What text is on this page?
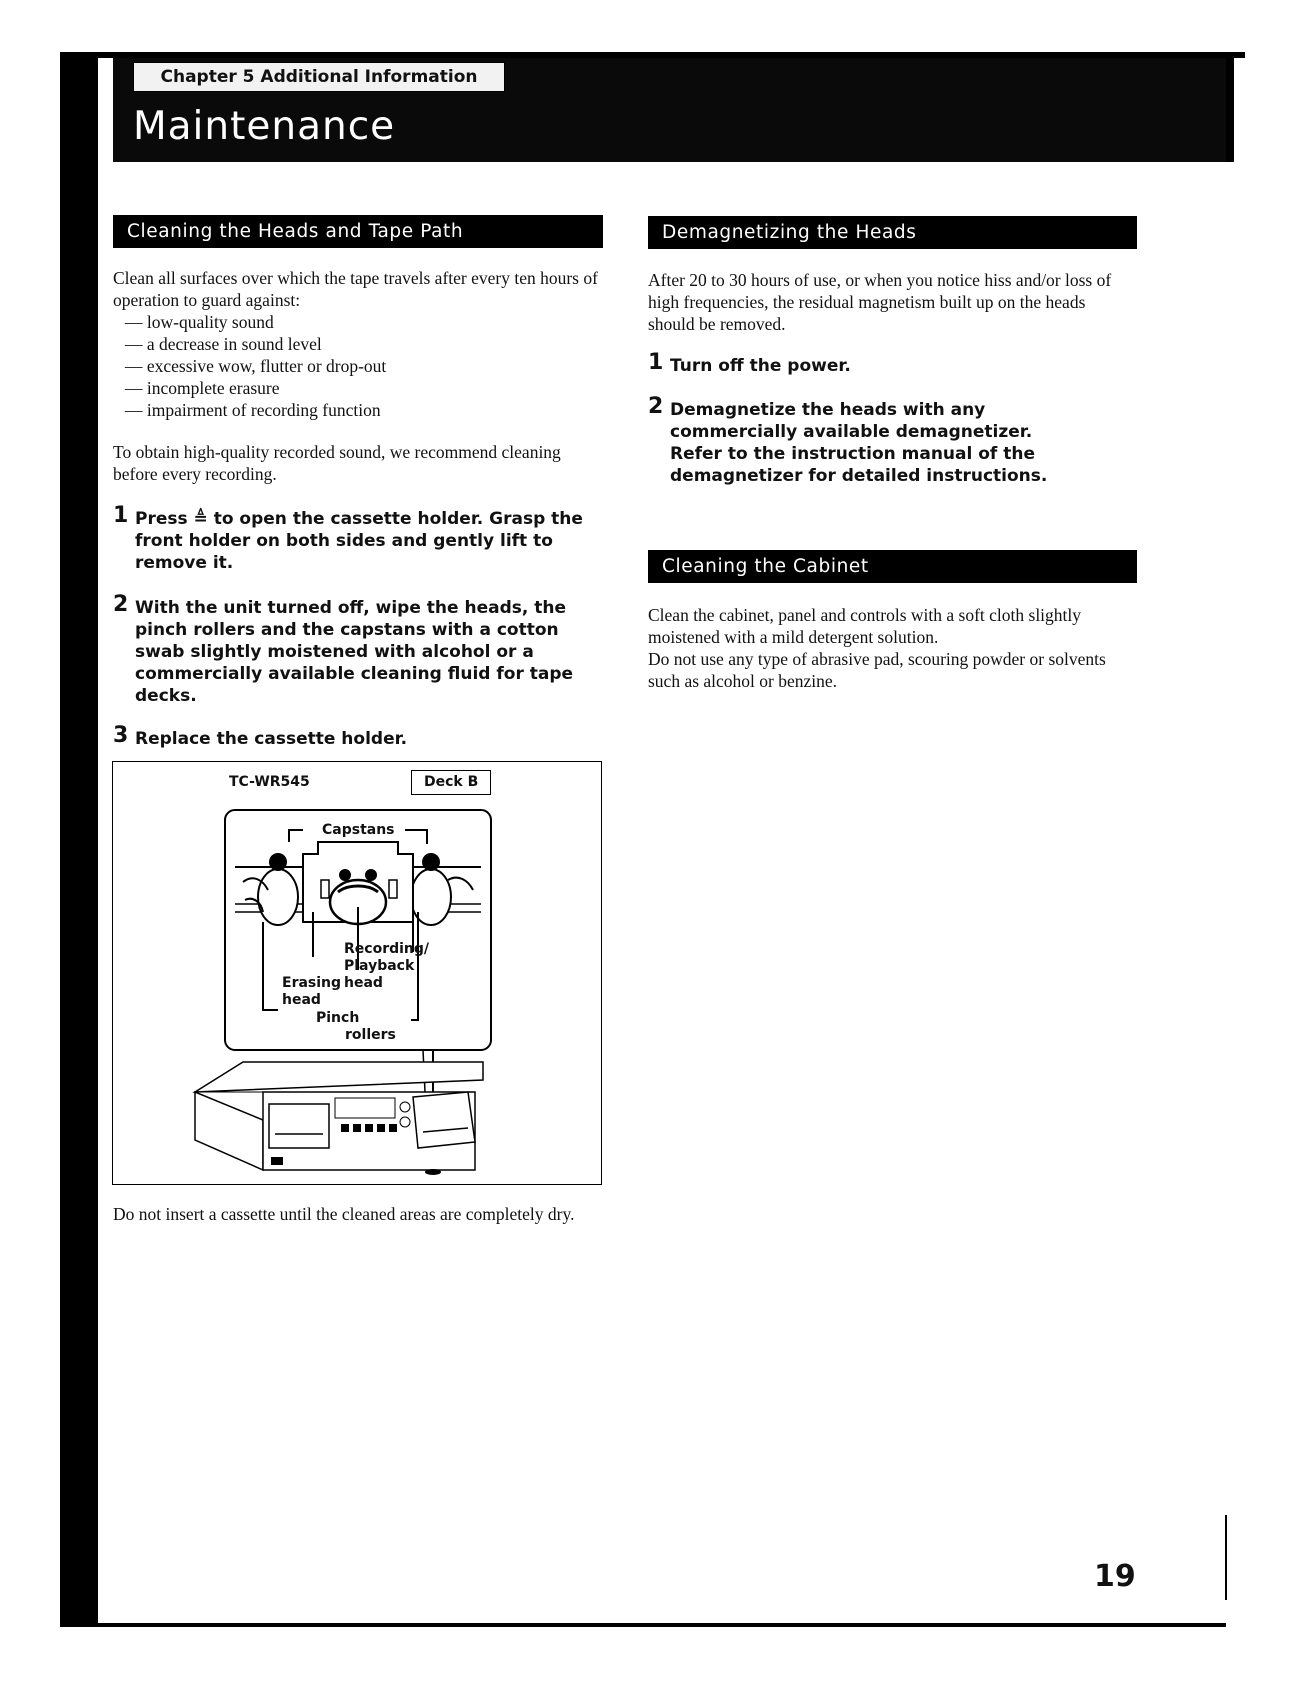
Chapter 5 Additional Information
Maintenance
Cleaning the Heads and Tape Path
Clean all surfaces over which the tape travels after every ten hours of operation to guard against:
— low-quality sound
— a decrease in sound level
— excessive wow, flutter or drop-out
— incomplete erasure
— impairment of recording function
To obtain high-quality recorded sound, we recommend cleaning before every recording.
1 Press ≜ to open the cassette holder. Grasp the front holder on both sides and gently lift to remove it.
2 With the unit turned off, wipe the heads, the pinch rollers and the capstans with a cotton swab slightly moistened with alcohol or a commercially available cleaning fluid for tape decks.
3 Replace the cassette holder.
TC-WR545	Deck B
Capstans
Recording/
Playback
head
Erasing
head
Pinch
rollers
Do not insert a cassette until the cleaned areas are completely dry.
Demagnetizing the Heads
After 20 to 30 hours of use, or when you notice hiss and/or loss of high frequencies, the residual magnetism built up on the heads should be removed.
1 Turn off the power.
2 Demagnetize the heads with any commercially available demagnetizer.
Refer to the instruction manual of the demagnetizer for detailed instructions.
Cleaning the Cabinet
Clean the cabinet, panel and controls with a soft cloth slightly moistened with a mild detergent solution.
Do not use any type of abrasive pad, scouring powder or solvents such as alcohol or benzine.
19
